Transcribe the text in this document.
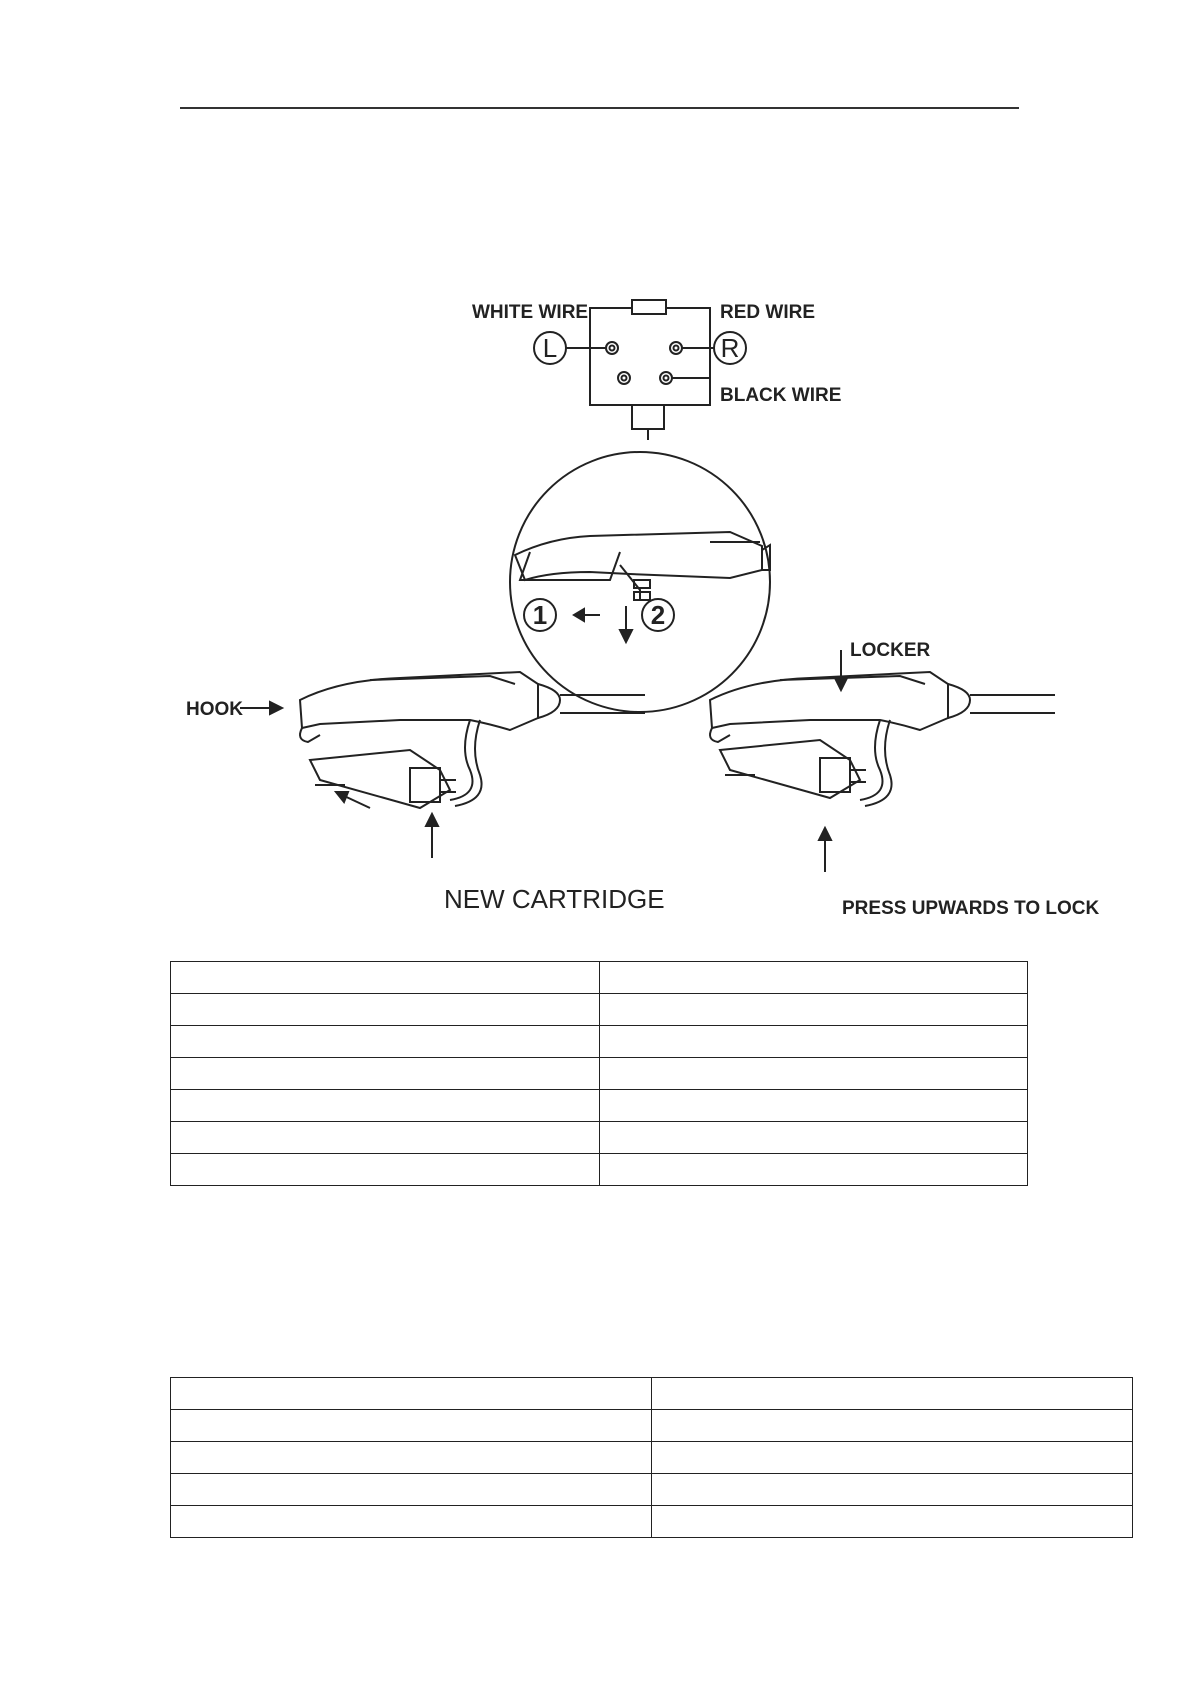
WHITE WIRE	RED WIRE
BLACK WIRE
L	R
1	2
HOOK
LOCKER
NEW CARTRIDGE	PRESS UPWARDS TO LOCK
